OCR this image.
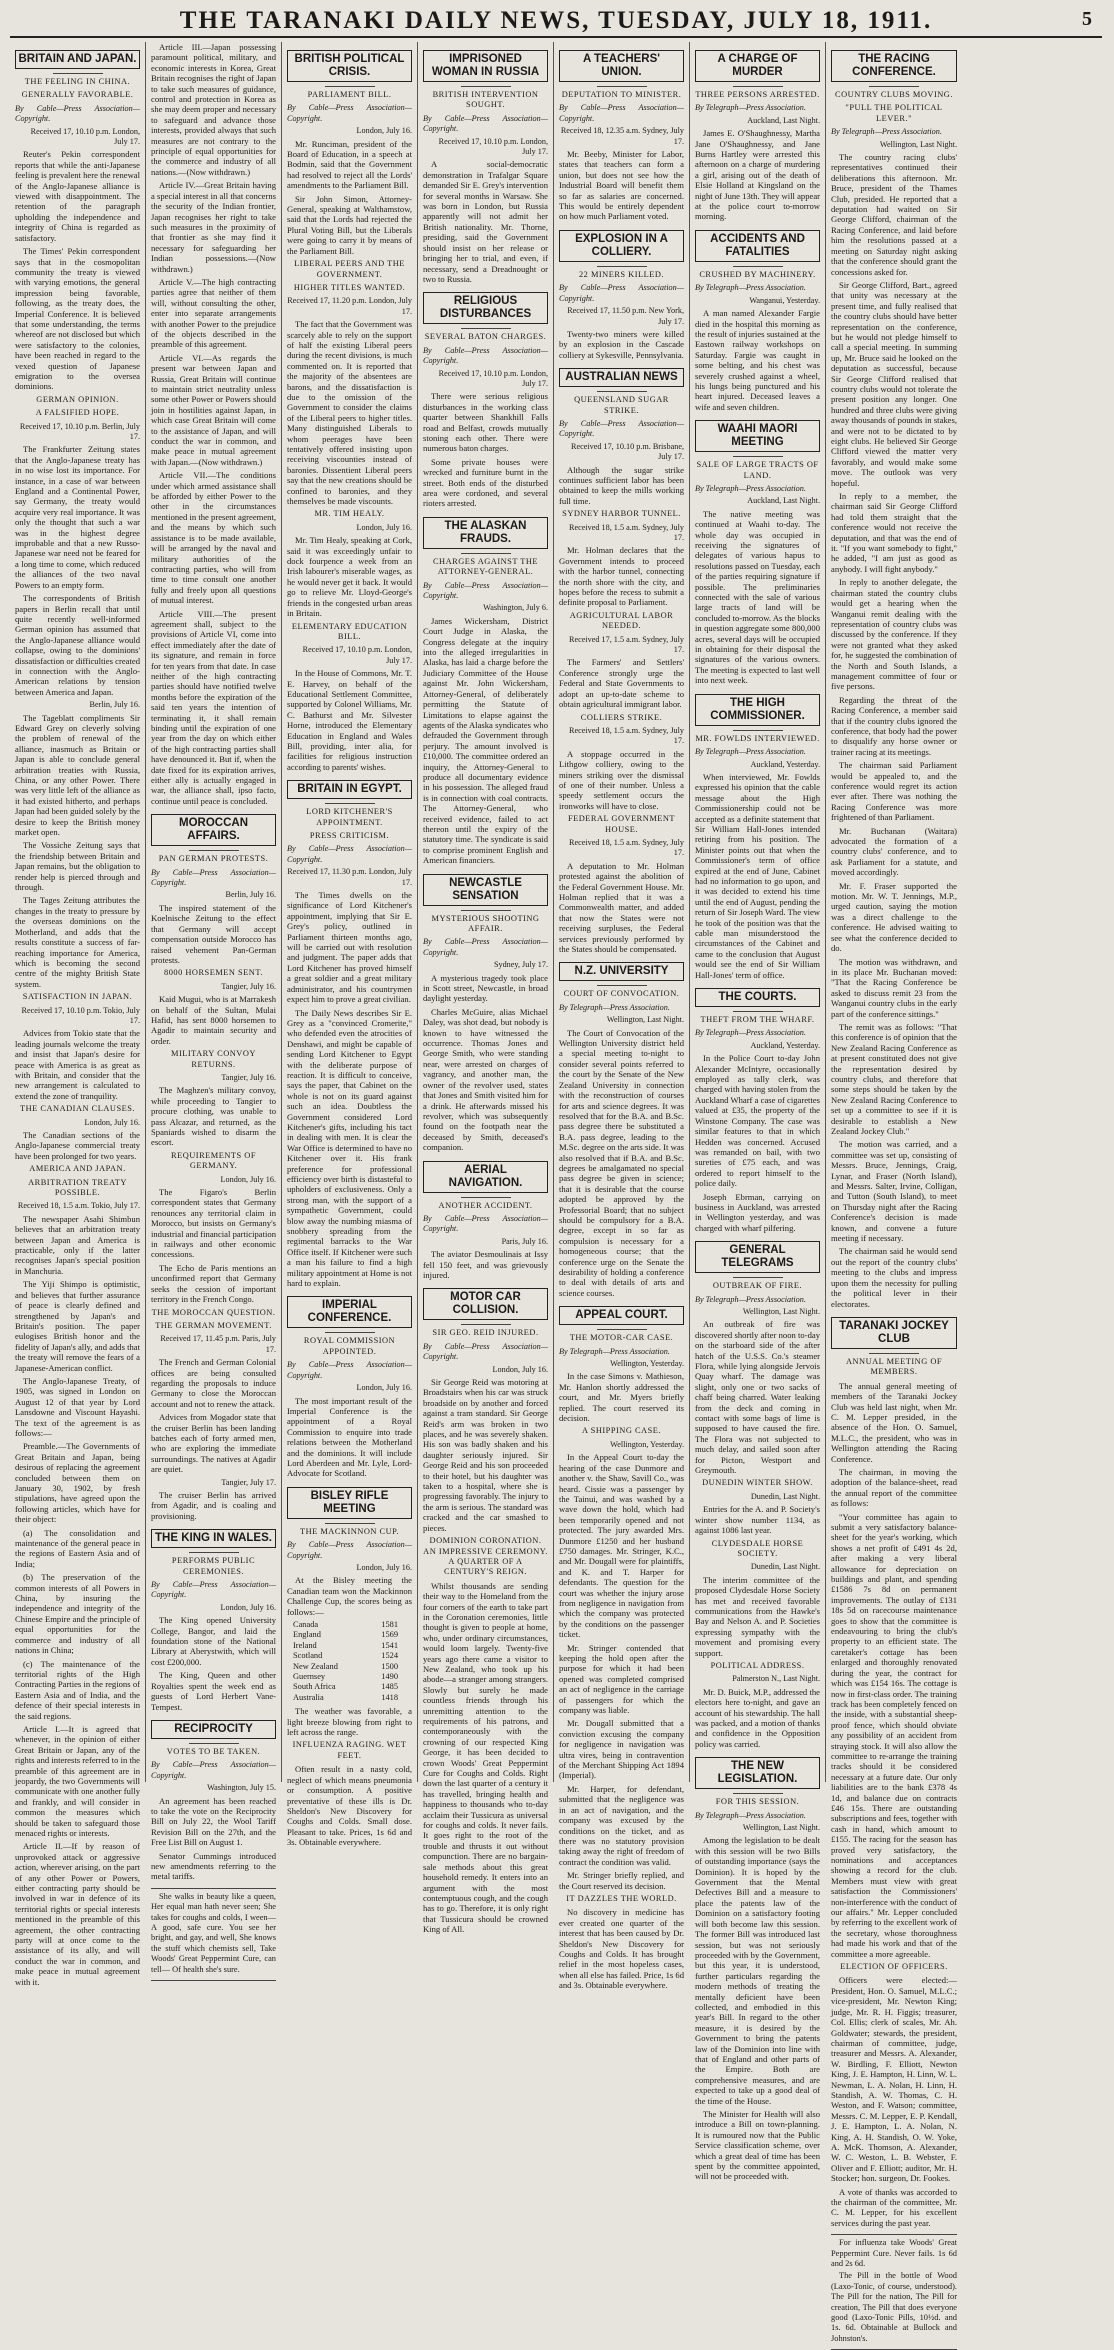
THE TARANAKI DAILY NEWS, TUESDAY, JULY 18, 1911.	5
BRITAIN AND JAPAN.
THE FEELING IN CHINA.
GENERALLY FAVORABLE.
By Cable—Press Association—Copyright.
Received 17, 10.10 p.m. London, July 17.

Reuter's Pekin correspondent reports that while the anti-Japanese feeling is prevalent here the renewal of the Anglo-Japanese alliance is viewed with disappointment. The retention of the paragraph upholding the independence and integrity of China is regarded as satisfactory.

The Times' Pekin correspondent says that in the cosmopolitan community the treaty is viewed with varying emotions, the general impression being favorable, following, as the treaty does, the Imperial Conference. It is believed that some understanding, the terms whereof are not disclosed but which were satisfactory to the colonies, have been reached in regard to the vexed question of Japanese emigration to the oversea dominions.

GERMAN OPINION.
A FALSIFIED HOPE.
Received 17, 10.10 p.m. Berlin, July 17.

The Frankfurter Zeitung states that the Anglo-Japanese treaty has in no wise lost its importance. For instance, in a case of war between England and a Continental Power, say Germany, the treaty would acquire very real importance. It was only the thought that such a war was in the highest degree improbable and that a new Russo-Japanese war need not be feared for a long time to come, which reduced the alliances of the two naval Powers to an empty form.

The correspondents of British papers in Berlin recall that until quite recently well-informed German opinion has assumed that the Anglo-Japanese alliance would collapse, owing to the dominions' dissatisfaction or difficulties created in connection with the Anglo-American relations by tension between America and Japan.

Berlin, July 16.

The Tageblatt compliments Sir Edward Grey on cleverly solving the problem of renewal of the alliance, inasmuch as Britain or Japan is able to conclude general arbitration treaties with Russia, China, or any other Power. There was very little left of the alliance as it had existed hitherto, and perhaps Japan had been guided solely by the desire to keep the British money market open.

The Vossiche Zeitung says that the friendship between Britain and Japan remains, but the obligation to render help is pierced through and through.

The Tages Zeitung attributes the changes in the treaty to pressure by the overseas dominions on the Motherland, and adds that the results constitute a success of far-reaching importance for America, which is becoming the second centre of the mighty British State system.

SATISFACTION IN JAPAN.
Received 17, 10.10 p.m. Tokio, July 17.

Advices from Tokio state that the leading journals welcome the treaty and insist that Japan's desire for peace with America is as great as with Britain, and consider that the new arrangement is calculated to extend the zone of tranquility.

THE CANADIAN CLAUSES.
London, July 16.

The Canadian sections of the Anglo-Japanese commercial treaty have been prolonged for two years.

AMERICA AND JAPAN.
ARBITRATION TREATY POSSIBLE.
Received 18, 1.5 a.m. Tokio, July 17.

The newspaper Asahi Shimbun believes that an arbitration treaty between Japan and America is practicable, only if the latter recognises Japan's special position in Manchuria.

The Yiji Shimpo is optimistic, and believes that further assurance of peace is clearly defined and strengthened by Japan's and Britain's position. The paper eulogises British honor and the fidelity of Japan's ally, and adds that the treaty will remove the fears of a Japanese-American conflict.

The Anglo-Japanese Treaty, of 1905, was signed in London on August 12 of that year by Lord Lansdowne and Viscount Hayashi. The text of the agreement is as follows:—

Preamble.—The Governments of Great Britain and Japan, being desirous of replacing the agreement concluded between them on January 30, 1902, by fresh stipulations, have agreed upon the following articles, which have for their object:

(a) The consolidation and maintenance of the general peace in the regions of Eastern Asia and of India;

(b) The preservation of the common interests of all Powers in China, by insuring the independence and integrity of the Chinese Empire and the principle of equal opportunities for the commerce and industry of all nations in China;

(c) The maintenance of the territorial rights of the High Contracting Parties in the regions of Eastern Asia and of India, and the defence of their special interests in the said regions.

Article I.—It is agreed that whenever, in the opinion of either Great Britain or Japan, any of the rights and interests referred to in the preamble of this agreement are in jeopardy, the two Governments will communicate with one another fully and frankly, and will consider in common the measures which should be taken to safeguard those menaced rights or interests.

Article II.—If by reason of unprovoked attack or aggressive action, wherever arising, on the part of any other Power or Powers, either contracting party should be involved in war in defence of its territorial rights or special interests mentioned in the preamble of this agreement, the other contracting party will at once come to the assistance of its ally, and will conduct the war in common, and make peace in mutual agreement with it.

Article III.—Japan possessing paramount political, military, and economic interests in Korea, Great Britain recognises the right of Japan to take such measures of guidance, control and protection in Korea as she may deem proper and necessary to safeguard and advance those interests, provided always that such measures are not contrary to the principle of equal opportunities for the commerce and industry of all nations.—(Now withdrawn.)

Article IV.—Great Britain having a special interest in all that concerns the security of the Indian frontier, Japan recognises her right to take such measures in the proximity of that frontier as she may find it necessary for safeguarding her Indian possessions.—(Now withdrawn.)

Article V.—The high contracting parties agree that neither of them will, without consulting the other, enter into separate arrangements with another Power to the prejudice of the objects described in the preamble of this agreement.

Article VI.—As regards the present war between Japan and Russia, Great Britain will continue to maintain strict neutrality unless some other Power or Powers should join in hostilities against Japan, in which case Great Britain will come to the assistance of Japan, and will conduct the war in common, and make peace in mutual agreement with Japan.—(Now withdrawn.)

Article VII.—The conditions under which armed assistance shall be afforded by either Power to the other in the circumstances mentioned in the present agreement, and the means by which such assistance is to be made available, will be arranged by the naval and military authorities of the contracting parties, who will from time to time consult one another fully and freely upon all questions of mutual interest.

Article VIII.—The present agreement shall, subject to the provisions of Article VI, come into effect immediately after the date of its signature, and remain in force for ten years from that date. In case neither of the high contracting parties should have notified twelve months before the expiration of the said ten years the intention of terminating it, it shall remain binding until the expiration of one year from the day on which either of the high contracting parties shall have denounced it. But if, when the date fixed for its expiration arrives, either ally is actually engaged in war, the alliance shall, ipso facto, continue until peace is concluded.

MOROCCAN AFFAIRS.
PAN GERMAN PROTESTS.
By Cable—Press Association—Copyright.
Berlin, July 16.

The inspired statement of the Koelnische Zeitung to the effect that Germany will accept compensation outside Morocco has raised vehement Pan-German protests.

8000 HORSEMEN SENT.
Tangier, July 16.

Kaid Mugui, who is at Marrakesh on behalf of the Sultan, Mulai Hafid, has sent 8000 horsemen to Agadir to maintain security and order.

MILITARY CONVOY RETURNS.
Tangier, July 16.

The Maghzen's military convoy, while proceeding to Tangier to procure clothing, was unable to pass Alcazar, and returned, as the Spaniards wished to disarm the escort.

REQUIREMENTS OF GERMANY.
London, July 16.

The Figaro's Berlin correspondent states that Germany renounces any territorial claim in Morocco, but insists on Germany's industrial and financial participation in railways and other economic concessions.

The Echo de Paris mentions an unconfirmed report that Germany seeks the cession of important territory in the French Congo.

THE MOROCCAN QUESTION.
THE GERMAN MOVEMENT.
Received 17, 11.45 p.m. Paris, July 17.

The French and German Colonial offices are being consulted regarding the proposals to induce Germany to close the Moroccan account and not to renew the attack.

Advices from Mogador state that the cruiser Berlin has been landing batches each of forty armed men, who are exploring the immediate surroundings. The natives at Agadir are quiet.

Tangier, July 17.

The cruiser Berlin has arrived from Agadir, and is coaling and provisioning.

THE KING IN WALES.
PERFORMS PUBLIC CEREMONIES.
By Cable—Press Association—Copyright.
London, July 16.

The King opened University College, Bangor, and laid the foundation stone of the National Library at Aberystwith, which will cost £200,000.

The King, Queen and other Royalties spent the week end as guests of Lord Herbert Vane-Tempest.

RECIPROCITY
VOTES TO BE TAKEN.
By Cable—Press Association—Copyright.
Washington, July 15.

An agreement has been reached to take the vote on the Reciprocity Bill on July 22, the Wool Tariff Revision Bill on the 27th, and the Free List Bill on August 1.

Senator Cummings introduced new amendments referring to the metal tariffs.

She walks in beauty like a queen, Her equal man hath never seen; She takes for coughs and colds, I ween— A good, safe cure. You see her bright, and gay, and well, She knows the stuff which chemists sell, Take Woods' Great Peppermint Cure, can tell— Of health she's sure.

BRITISH POLITICAL CRISIS.
PARLIAMENT BILL.
By Cable—Press Association—Copyright.
London, July 16.

Mr. Runciman, president of the Board of Education, in a speech at Bodmin, said that the Government had resolved to reject all the Lords' amendments to the Parliament Bill.

Sir John Simon, Attorney-General, speaking at Walthamstow, said that the Lords had rejected the Plural Voting Bill, but the Liberals were going to carry it by means of the Parliament Bill.

LIBERAL PEERS AND THE GOVERNMENT.
HIGHER TITLES WANTED.
Received 17, 11.20 p.m. London, July 17.

The fact that the Government was scarcely able to rely on the support of half the existing Liberal peers during the recent divisions, is much commented on. It is reported that the majority of the absentees are barons, and the dissatisfaction is due to the omission of the Government to consider the claims of the Liberal peers to higher titles. Many distinguished Liberals to whom peerages have been tentatively offered insisting upon receiving viscounties instead of baronies. Dissentient Liberal peers say that the new creations should be confined to baronies, and they themselves be made viscounts.

MR. TIM HEALY.
London, July 16.

Mr. Tim Healy, speaking at Cork, said it was exceedingly unfair to dock fourpence a week from an Irish labourer's miserable wages, as he would never get it back. It would go to relieve Mr. Lloyd-George's friends in the congested urban areas in Britain.

ELEMENTARY EDUCATION BILL.
Received 17, 10.10 p.m. London, July 17.

In the House of Commons, Mr. T. E. Harvey, on behalf of the Educational Settlement Committee, supported by Colonel Williams, Mr. C. Bathurst and Mr. Silvester Horne, introduced the Elementary Education in England and Wales Bill, providing, inter alia, for facilities for religious instruction according to parents' wishes.

BRITAIN IN EGYPT.
LORD KITCHENER'S APPOINTMENT.
PRESS CRITICISM.
By Cable—Press Association—Copyright.
Received 17, 11.30 p.m. London, July 17.

The Times dwells on the significance of Lord Kitchener's appointment, implying that Sir E. Grey's policy, outlined in Parliament thirteen months ago, will be carried out with resolution and judgment. The paper adds that Lord Kitchener has proved himself a great soldier and a great military administrator, and his countrymen expect him to prove a great civilian.

The Daily News describes Sir E. Grey as a "convinced Cromerite," who defended even the atrocities of Denshawi, and might be capable of sending Lord Kitchener to Egypt with the deliberate purpose of reaction. It is difficult to conceive, says the paper, that Cabinet on the whole is not on its guard against such an idea. Doubtless the Government considered Lord Kitchener's gifts, including his tact in dealing with men. It is clear the War Office is determined to have no Kitchener over it. His frank preference for professional efficiency over birth is distasteful to upholders of exclusiveness. Only a strong man, with the support of a sympathetic Government, could blow away the numbing miasma of snobbery spreading from the regimental barracks to the War Office itself. If Kitchener were such a man his failure to find a high military appointment at Home is not hard to explain.

IMPERIAL CONFERENCE.
ROYAL COMMISSION APPOINTED.
By Cable—Press Association—Copyright.
London, July 16.

The most important result of the Imperial Conference is the appointment of a Royal Commission to enquire into trade relations between the Motherland and the dominions. It will include Lord Aberdeen and Mr. Lyle, Lord-Advocate for Scotland.

BISLEY RIFLE MEETING
THE MACKINNON CUP.
By Cable—Press Association—Copyright.
London, July 16.

At the Bisley meeting the Canadian team won the Mackinnon Challenge Cup, the scores being as follows:—

Canada	1581
England	1569
Ireland	1541
Scotland	1524
New Zealand	1500
Guernsey	1490
South Africa	1485
Australia	1418

The weather was favorable, a light breeze blowing from right to left across the range.

INFLUENZA RAGING. WET FEET.

Often result in a nasty cold, neglect of which means pneumonia or consumption. A positive preventative of these ills is Dr. Sheldon's New Discovery for Coughs and Colds. Small dose. Pleasant to take. Prices, 1s 6d and 3s. Obtainable everywhere.

IMPRISONED WOMAN IN RUSSIA
BRITISH INTERVENTION SOUGHT.
By Cable—Press Association—Copyright.
Received 17, 10.10 p.m. London, July 17.

A social-democratic demonstration in Trafalgar Square demanded Sir E. Grey's intervention for several months in Warsaw. She was born in London, but Russia apparently will not admit her British nationality. Mr. Thorne, presiding, said the Government should insist on her release or bringing her to trial, and even, if necessary, send a Dreadnought or two to Russia.

RELIGIOUS DISTURBANCES
SEVERAL BATON CHARGES.
By Cable—Press Association—Copyright.
Received 17, 10.10 p.m. London, July 17.

There were serious religious disturbances in the working class quarter between Shankhill Falls road and Belfast, crowds mutually stoning each other. There were numerous baton charges.

Some private houses were wrecked and furniture burnt in the street. Both ends of the disturbed area were cordoned, and several rioters arrested.

THE ALASKAN FRAUDS.
CHARGES AGAINST THE ATTORNEY-GENERAL.
By Cable—Press Association—Copyright.
Washington, July 6.

James Wickersham, District Court Judge in Alaska, the Congress delegate at the inquiry into the alleged irregularities in Alaska, has laid a charge before the Judiciary Committee of the House against Mr. John Wickersham, Attorney-General, of deliberately permitting the Statute of Limitations to elapse against the agents of the Alaska syndicates who defrauded the Government through perjury. The amount involved is £10,000. The committee ordered an inquiry, the Attorney-General to produce all documentary evidence in his possession. The alleged fraud is in connection with coal contracts. The Attorney-General, who received evidence, failed to act thereon until the expiry of the statutory time. The syndicate is said to comprise prominent English and American financiers.

NEWCASTLE SENSATION
MYSTERIOUS SHOOTING AFFAIR.
By Cable—Press Association—Copyright.
Sydney, July 17.

A mysterious tragedy took place in Scott street, Newcastle, in broad daylight yesterday.

Charles McGuire, alias Michael Daley, was shot dead, but nobody is known to have witnessed the occurrence. Thomas Jones and George Smith, who were standing near, were arrested on charges of vagrancy, and another man, the owner of the revolver used, states that Jones and Smith visited him for a drink. He afterwards missed his revolver, which was subsequently found on the footpath near the deceased by Smith, deceased's companion.

AERIAL NAVIGATION.
ANOTHER ACCIDENT.
By Cable—Press Association—Copyright.
Paris, July 16.

The aviator Desmoulinais at Issy fell 150 feet, and was grievously injured.

MOTOR CAR COLLISION.
SIR GEO. REID INJURED.
By Cable—Press Association—Copyright.
London, July 16.

Sir George Reid was motoring at Broadstairs when his car was struck broadside on by another and forced against a tram standard. Sir George Reid's arm was broken in two places, and he was severely shaken. His son was badly shaken and his daughter seriously injured. Sir George Reid and his son proceeded to their hotel, but his daughter was taken to a hospital, where she is progressing favorably. The injury to the arm is serious. The standard was cracked and the car smashed to pieces.

DOMINION CORONATION. AN IMPRESSIVE CEREMONY. A QUARTER OF A CENTURY'S REIGN.

Whilst thousands are sending their way to the Homeland from the four corners of the earth to take part in the Coronation ceremonies, little thought is given to people at home, who, under ordinary circumstances, would loom largely. Twenty-five years ago there came a visitor to New Zealand, who took up his abode—a stranger among strangers. Slowly but surely he made countless friends through his unremitting attention to the requirements of his patrons, and contemporaneously with the crowning of our respected King George, it has been decided to crown Woods' Great Peppermint Cure for Coughs and Colds. Right down the last quarter of a century it has travelled, bringing health and happiness to thousands who to-day acclaim their Tussicura as universal for coughs and colds. It never fails. It goes right to the root of the trouble and thrusts it out without compunction. There are no bargain-sale methods about this great household remedy. It enters into an argument with the most contemptuous cough, and the cough has to go. Therefore, it is only right that Tussicura should be crowned King of All.

A TEACHERS' UNION.
DEPUTATION TO MINISTER.
By Cable—Press Association—Copyright.
Received 18, 12.35 a.m. Sydney, July 17.

Mr. Beeby, Minister for Labor, states that teachers can form a union, but does not see how the Industrial Board will benefit them so far as salaries are concerned. This would be entirely dependent on how much Parliament voted.

EXPLOSION IN A COLLIERY.
22 MINERS KILLED.
By Cable—Press Association—Copyright.
Received 17, 11.50 p.m. New York, July 17.

Twenty-two miners were killed by an explosion in the Cascade colliery at Sykesville, Pennsylvania.

AUSTRALIAN NEWS
QUEENSLAND SUGAR STRIKE.
By Cable—Press Association—Copyright.
Received 17, 10.10 p.m. Brisbane, July 17.

Although the sugar strike continues sufficient labor has been obtained to keep the mills working full time.

SYDNEY HARBOR TUNNEL.
Received 18, 1.5 a.m. Sydney, July 17.

Mr. Holman declares that the Government intends to proceed with the harbor tunnel, connecting the north shore with the city, and hopes before the recess to submit a definite proposal to Parliament.

AGRICULTURAL LABOR NEEDED.
Received 17, 1.5 a.m. Sydney, July 17.

The Farmers' and Settlers' Conference strongly urge the Federal and State Governments to adopt an up-to-date scheme to obtain agricultural immigrant labor.

COLLIERS STRIKE.
Received 18, 1.5 a.m. Sydney, July 17.

A stoppage occurred in the Lithgow colliery, owing to the miners striking over the dismissal of one of their number. Unless a speedy settlement occurs the ironworks will have to close.

FEDERAL GOVERNMENT HOUSE.
Received 18, 1.5 a.m. Sydney, July 17.

A deputation to Mr. Holman protested against the abolition of the Federal Government House. Mr. Holman replied that it was a Commonwealth matter, and added that now the States were not receiving surpluses, the Federal services previously performed by the States should be compensated.

N.Z. UNIVERSITY
COURT OF CONVOCATION.
By Telegraph—Press Association.
Wellington, Last Night.

The Court of Convocation of the Wellington University district held a special meeting to-night to consider several points referred to the court by the Senate of the New Zealand University in connection with the reconstruction of courses for arts and science degrees. It was resolved that for the B.A. and B.Sc. pass degree there be substituted a B.A. pass degree, leading to the M.Sc. degree on the arts side. It was also resolved that if B.A. and B.Sc. degrees be amalgamated no special pass degree be given in science; that it is desirable that the course adopted be approved by the Professorial Board; that no subject should be compulsory for a B.A. degree, except in so far as compulsion is necessary for a homogeneous course; that the conference urge on the Senate the desirability of holding a conference to deal with details of arts and science courses.

APPEAL COURT.
THE MOTOR-CAR CASE.
By Telegraph—Press Association.
Wellington, Yesterday.

In the case Simons v. Mathieson, Mr. Hanlon shortly addressed the court, and Mr. Myers briefly replied. The court reserved its decision.

A SHIPPING CASE.
Wellington, Yesterday.

In the Appeal Court to-day the hearing of the case Dunmore and another v. the Shaw, Savill Co., was heard. Cissie was a passenger by the Tainui, and was washed by a wave down the hold, which had been temporarily opened and not protected. The jury awarded Mrs. Dunmore £1250 and her husband £750 damages. Mr. Stringer, K.C., and Mr. Dougall were for plaintiffs, and K. and T. Harper for defendants. The question for the court was whether the injury arose from negligence in navigation from which the company was protected by the conditions on the passenger ticket.

Mr. Stringer contended that keeping the hold open after the purpose for which it had been opened was completed comprised an act of negligence in the carriage of passengers for which the company was liable.

Mr. Dougall submitted that a conviction excusing the company for negligence in navigation was ultra vires, being in contravention of the Merchant Shipping Act 1894 (Imperial).

Mr. Harper, for defendant, submitted that the negligence was in an act of navigation, and the company was excused by the conditions on the ticket, and as there was no statutory provision taking away the right of freedom of contract the condition was valid.

Mr. Stringer briefly replied, and the Court reserved its decision.

IT DAZZLES THE WORLD.

No discovery in medicine has ever created one quarter of the interest that has been caused by Dr. Sheldon's New Discovery for Coughs and Colds. It has brought relief in the most hopeless cases, when all else has failed. Price, 1s 6d and 3s. Obtainable everywhere.

A CHARGE OF MURDER
THREE PERSONS ARRESTED.
By Telegraph—Press Association.
Auckland, Last Night.

James E. O'Shaughnessy, Martha Jane O'Shaughnessy, and Jane Burns Hartley were arrested this afternoon on a charge of murdering a girl, arising out of the death of Elsie Holland at Kingsland on the night of June 13th. They will appear at the police court to-morrow morning.

ACCIDENTS AND FATALITIES
CRUSHED BY MACHINERY.
By Telegraph—Press Association.
Wanganui, Yesterday.

A man named Alexander Fargie died in the hospital this morning as the result of injuries sustained at the Eastown railway workshops on Saturday. Fargie was caught in some belting, and his chest was severely crushed against a wheel, his lungs being punctured and his heart injured. Deceased leaves a wife and seven children.

WAAHI MAORI MEETING
SALE OF LARGE TRACTS OF LAND.
By Telegraph—Press Association.
Auckland, Last Night.

The native meeting was continued at Waahi to-day. The whole day was occupied in receiving the signatures of delegates of various hapus to resolutions passed on Tuesday, each of the parties requiring signature if possible. The preliminaries connected with the sale of various large tracts of land will be concluded to-morrow. As the blocks in question aggregate some 800,000 acres, several days will be occupied in obtaining for their disposal the signatures of the various owners. The meeting is expected to last well into next week.

THE HIGH COMMISSIONER.
MR. FOWLDS INTERVIEWED.
By Telegraph—Press Association.
Auckland, Yesterday.

When interviewed, Mr. Fowlds expressed his opinion that the cable message about the High Commissionership could not be accepted as a definite statement that Sir William Hall-Jones intended retiring from his position. The Minister points out that when the Commissioner's term of office expired at the end of June, Cabinet had no information to go upon, and it was decided to extend his time until the end of August, pending the return of Sir Joseph Ward. The view he took of the position was that the cable man misunderstood the circumstances of the Cabinet and came to the conclusion that August would see the end of Sir William Hall-Jones' term of office.

THE COURTS.
THEFT FROM THE WHARF.
By Telegraph—Press Association.
Auckland, Yesterday.

In the Police Court to-day John Alexander McIntyre, occasionally employed as tally clerk, was charged with having stolen from the Auckland Wharf a case of cigarettes valued at £35, the property of the Winstone Company. The case was similar features to that in which Hedden was concerned. Accused was remanded on bail, with two sureties of £75 each, and was ordered to report himself to the police daily.

Joseph Ebrman, carrying on business in Auckland, was arrested in Wellington yesterday, and was charged with wharf pilfering.

GENERAL TELEGRAMS
OUTBREAK OF FIRE.
By Telegraph—Press Association.
Wellington, Last Night.

An outbreak of fire was discovered shortly after noon to-day on the starboard side of the after hatch of the U.S.S. Co.'s steamer Flora, while lying alongside Jervois Quay wharf. The damage was slight, only one or two sacks of chaff being charred. Water leaking from the deck and coming in contact with some bags of lime is supposed to have caused the fire. The Flora was not subjected to much delay, and sailed soon after for Picton, Westport and Greymouth.

DUNEDIN WINTER SHOW.
Dunedin, Last Night.

Entries for the A. and P. Society's winter show number 1134, as against 1086 last year.

CLYDESDALE HORSE SOCIETY.
Dunedin, Last Night.

The interim committee of the proposed Clydesdale Horse Society has met and received favorable communications from the Hawke's Bay and Nelson A. and P. Societies expressing sympathy with the movement and promising every support.

POLITICAL ADDRESS.
Palmerston N., Last Night.

Mr. D. Buick, M.P., addressed the electors here to-night, and gave an account of his stewardship. The hall was packed, and a motion of thanks and confidence in the Opposition policy was carried.

THE NEW LEGISLATION.
FOR THIS SESSION.
By Telegraph—Press Association.
Wellington, Last Night.

Among the legislation to be dealt with this session will be two Bills of outstanding importance (says the Dominion). It is hoped by the Government that the Mental Defectives Bill and a measure to place the patents law of the Dominion on a satisfactory footing will both become law this session. The former Bill was introduced last session, but was not seriously proceeded with by the Government, but this year, it is understood, further particulars regarding the modern methods of treating the mentally deficient have been collected, and embodied in this year's Bill. In regard to the other measure, it is desired by the Government to bring the patents law of the Dominion into line with that of England and other parts of the Empire. Both are comprehensive measures, and are expected to take up a good deal of the time of the House.

The Minister for Health will also introduce a Bill on town-planning. It is rumoured now that the Public Service classification scheme, over which a great deal of time has been spent by the committee appointed, will not be proceeded with.

THE RACING CONFERENCE.
COUNTRY CLUBS MOVING.
"PULL THE POLITICAL LEVER."
By Telegraph—Press Association.
Wellington, Last Night.

The country racing clubs' representatives continued their deliberations this afternoon. Mr. Bruce, president of the Thames Club, presided. He reported that a deputation had waited on Sir George Clifford, chairman of the Racing Conference, and laid before him the resolutions passed at a meeting on Saturday night asking that the conference should grant the concessions asked for.

Sir George Clifford, Bart., agreed that unity was necessary at the present time, and fully realised that the country clubs should have better representation on the conference, but he would not pledge himself to call a special meeting. In summing up, Mr. Bruce said he looked on the deputation as successful, because Sir George Clifford realised that country clubs would not tolerate the present position any longer. One hundred and three clubs were giving away thousands of pounds in stakes, and were not to be dictated to by eight clubs. He believed Sir George Clifford viewed the matter very favorably, and would make some move. The outlook was very hopeful.

In reply to a member, the chairman said Sir George Clifford had told them straight that the conference would not receive the deputation, and that was the end of it. "If you want somebody to fight," he added, "I am just as good as anybody. I will fight anybody."

In reply to another delegate, the chairman stated the country clubs would get a hearing when the Wanganui remit dealing with the representation of country clubs was discussed by the conference. If they were not granted what they asked for, he suggested the combination of the North and South Islands, a management committee of four or five persons.

Regarding the threat of the Racing Conference, a member said that if the country clubs ignored the conference, that body had the power to disqualify any horse owner or trainer racing at its meetings.

The chairman said Parliament would be appealed to, and the conference would regret its action ever after. There was nothing the Racing Conference was more frightened of than Parliament.

Mr. Buchanan (Waitara) advocated the formation of a country clubs' conference, and to ask Parliament for a statute, and moved accordingly.

Mr. F. Fraser supported the motion. Mr. W. T. Jennings, M.P., urged caution, saying the motion was a direct challenge to the conference. He advised waiting to see what the conference decided to do.

The motion was withdrawn, and in its place Mr. Buchanan moved: "That the Racing Conference be asked to discuss remit 23 from the Wanganui country clubs in the early part of the conference sittings."

The remit was as follows: "That this conference is of opinion that the New Zealand Racing Conference as at present constituted does not give the representation desired by country clubs, and therefore that some steps should be taken by the New Zealand Racing Conference to set up a committee to see if it is desirable to establish a New Zealand Jockey Club."

The motion was carried, and a committee was set up, consisting of Messrs. Bruce, Jennings, Craig, Lynar, and Fraser (North Island), and Messrs. Salter, Irvine, Colligan, and Tutton (South Island), to meet on Thursday night after the Racing Conference's decision is made known, and convene a future meeting if necessary.

The chairman said he would send out the report of the country clubs' meeting to the clubs and impress upon them the necessity for pulling the political lever in their electorates.

TARANAKI JOCKEY CLUB
ANNUAL MEETING OF MEMBERS.

The annual general meeting of members of the Taranaki Jockey Club was held last night, when Mr. C. M. Lepper presided, in the absence of the Hon. O. Samuel, M.L.C., the president, who was in Wellington attending the Racing Conference.

The chairman, in moving the adoption of the balance-sheet, read the annual report of the committee as follows:

"Your committee has again to submit a very satisfactory balance-sheet for the year's working, which shows a net profit of £491 4s 2d, after making a very liberal allowance for depreciation on buildings and plant, and spending £1586 7s 8d on permanent improvements. The outlay of £131 18s 5d on racecourse maintenance goes to show that the committee is endeavouring to bring the club's property to an efficient state. The caretaker's cottage has been enlarged and thoroughly renovated during the year, the contract for which was £154 16s. The cottage is now in first-class order. The training track has been completely fenced on the inside, with a substantial sheep-proof fence, which should obviate any possibility of an accident from straying stock. It will also allow the committee to re-arrange the training tracks should it be considered necessary at a future date. Our only liabilities are to the bank £378 4s 1d, and balance due on contracts £46 15s. There are outstanding subscriptions and fees, together with cash in hand, which amount to £155. The racing for the season has proved very satisfactory, the nominations and acceptances showing a record for the club. Members must view with great satisfaction the Commissioners' non-interference with the conduct of our affairs." Mr. Lepper concluded by referring to the excellent work of the secretary, whose thoroughness had made his work and that of the committee a more agreeable.

ELECTION OF OFFICERS.

Officers were elected:—President, Hon. O. Samuel, M.L.C.; vice-president, Mr. Newton King; judge, Mr. R. H. Figgis; treasurer, Col. Ellis; clerk of scales, Mr. Ah. Goldwater; stewards, the president, chairman of committee, judge, treasurer and Messrs. A. Alexander, W. Birdling, F. Elliott, Newton King, J. E. Hampton, H. Linn, W. L. Newman, L. A. Nolan, H. Linn, H. Standish, A. W. Thomas, C. H. Weston, and F. Watson; committee, Messrs. C. M. Lepper, E. P. Kendall, J. E. Hampton, L. A. Nolan, N. King, A. H. Standish, O. W. Yoke, A. McK. Thomson, A. Alexander, W. C. Weston, L. B. Webster, F. Oliver and F. Elliott; auditor, Mr. H. Stocker; hon. surgeon, Dr. Fookes.

A vote of thanks was accorded to the chairman of the committee, Mr. C. M. Lepper, for his excellent services during the past year.

For influenza take Woods' Great Peppermint Cure. Never fails. 1s 6d and 2s 6d.

The Pill in the bottle of Wood (Laxo-Tonic, of course, understood). The Pill for the nation, The Pill for creation, The Pill that does everyone good (Laxo-Tonic Pills, 10½d. and 1s. 6d. Obtainable at Bullock and Johnston's.
